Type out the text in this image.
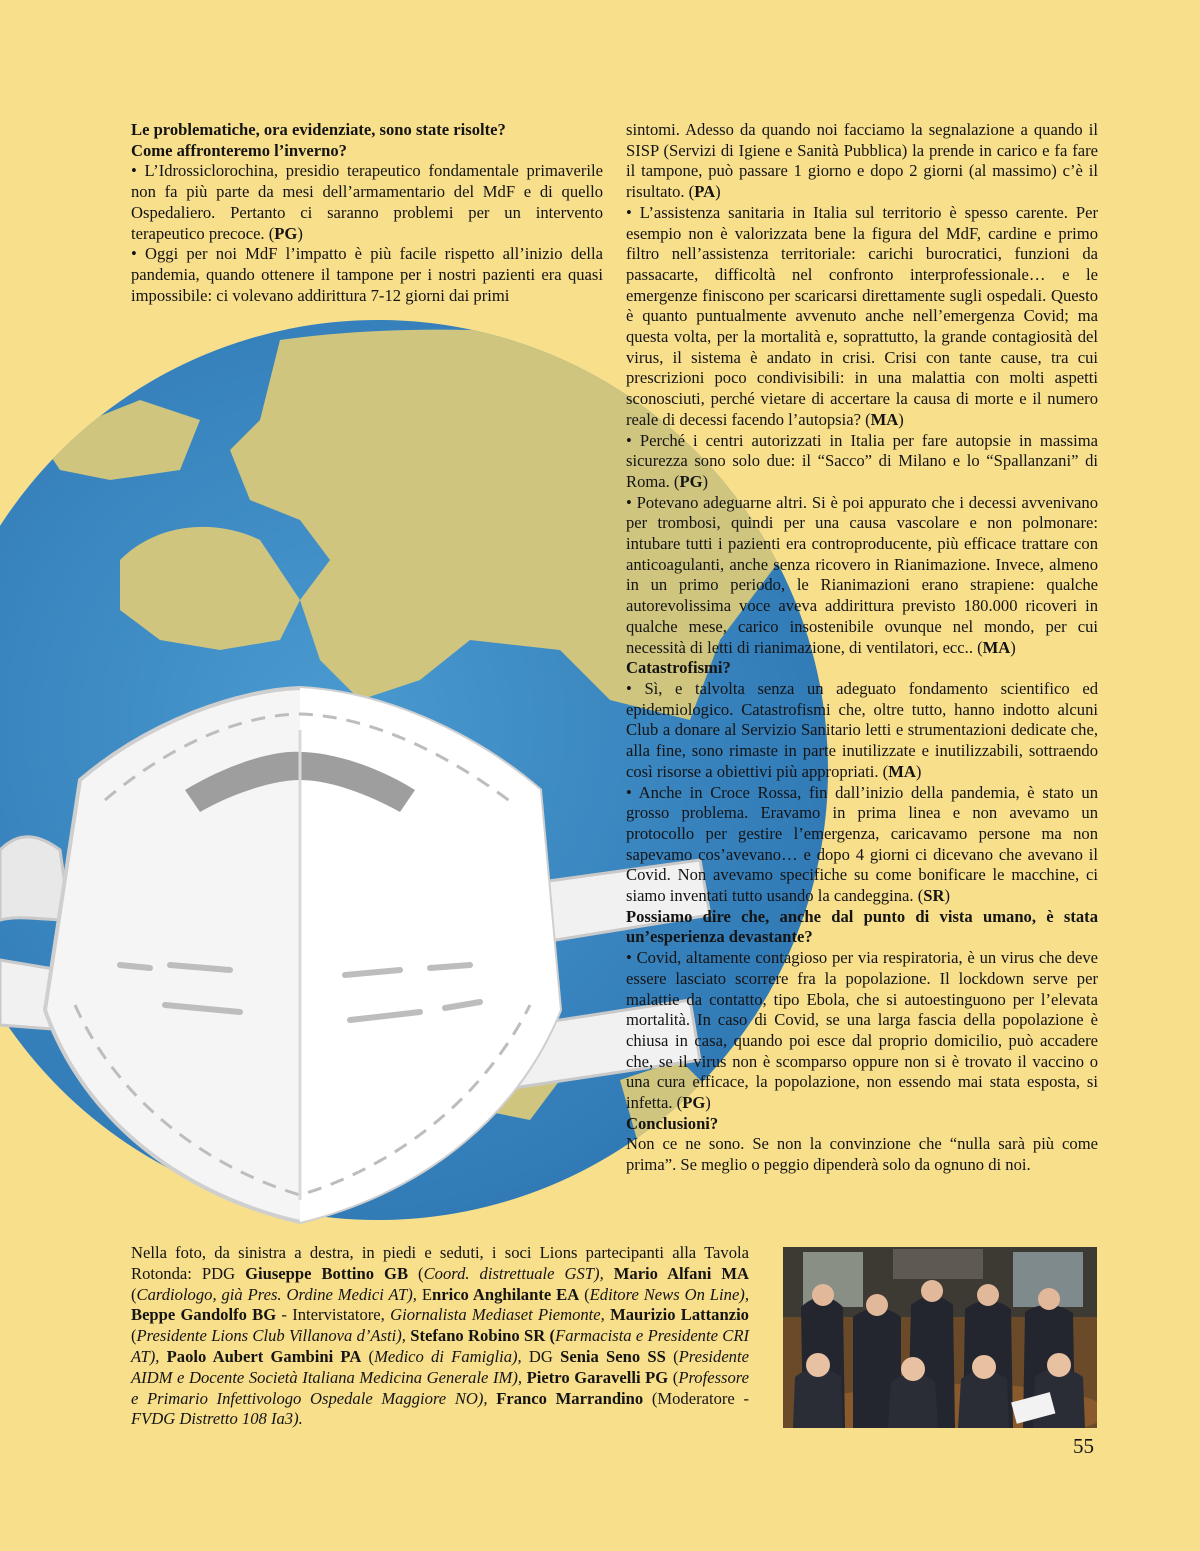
Le problematiche, ora evidenziate, sono state risolte?
Come affronteremo l’inverno?

• L’Idrossiclorochina, presidio terapeutico fondamentale primaverile non fa più parte da mesi dell’armamentario del MdF e di quello Ospedaliero. Pertanto ci saranno problemi per un intervento terapeutico precoce. (PG)

• Oggi per noi MdF l’impatto è più facile rispetto all’inizio della pandemia, quando ottenere il tampone per i nostri pazienti era quasi impossibile: ci volevano addirittura 7-12 giorni dai primi

sintomi. Adesso da quando noi facciamo la segnalazione a quando il SISP (Servizi di Igiene e Sanità Pubblica) la prende in carico e fa fare il tampone, può passare 1 giorno e dopo 2 giorni (al massimo) c’è il risultato. (PA)

• L’assistenza sanitaria in Italia sul territorio è spesso carente. Per esempio non è valorizzata bene la figura del MdF, cardine e primo filtro nell’assistenza territoriale: carichi burocratici, funzioni da passacarte, difficoltà nel confronto interprofessionale… e le emergenze finiscono per scaricarsi direttamente sugli ospedali. Questo è quanto puntualmente avvenuto anche nell’emergenza Covid; ma questa volta, per la mortalità e, soprattutto, la grande contagiosità del virus, il sistema è andato in crisi. Crisi con tante cause, tra cui prescrizioni poco condivisibili: in una malattia con molti aspetti sconosciuti, perché vietare di accertare la causa di morte e il numero reale di decessi facendo l’autopsia? (MA)

• Perché i centri autorizzati in Italia per fare autopsie in massima sicurezza sono solo due: il “Sacco” di Milano e lo “Spallanzani” di Roma. (PG)

• Potevano adeguarne altri. Si è poi appurato che i decessi avvenivano per trombosi, quindi per una causa vascolare e non polmonare: intubare tutti i pazienti era controproducente, più efficace trattare con anticoagulanti, anche senza ricovero in Rianimazione. Invece, almeno in un primo periodo, le Rianimazioni erano strapiene: qualche autorevolissima voce aveva addirittura previsto 180.000 ricoveri in qualche mese, carico insostenibile ovunque nel mondo, per cui necessità di letti di rianimazione, di ventilatori, ecc.. (MA)

Catastrofismi?

• Sì, e talvolta senza un adeguato fondamento scientifico ed epidemiologico. Catastrofismi che, oltre tutto, hanno indotto alcuni Club a donare al Servizio Sanitario letti e strumentazioni dedicate che, alla fine, sono rimaste in parte inutilizzate e inutilizzabili, sottraendo così risorse a obiettivi più appropriati. (MA)

• Anche in Croce Rossa, fin dall’inizio della pandemia, è stato un grosso problema. Eravamo in prima linea e non avevamo un protocollo per gestire l’emergenza, caricavamo persone ma non sapevamo cos’avevano… e dopo 4 giorni ci dicevano che avevano il Covid. Non avevamo specifiche su come bonificare le macchine, ci siamo inventati tutto usando la candeggina. (SR)

Possiamo dire che, anche dal punto di vista umano, è stata un’esperienza devastante?

• Covid, altamente contagioso per via respiratoria, è un virus che deve essere lasciato scorrere fra la popolazione. Il lockdown serve per malattie da contatto, tipo Ebola, che si autoestinguono per l’elevata mortalità. In caso di Covid, se una larga fascia della popolazione è chiusa in casa, quando poi esce dal proprio domicilio, può accadere che, se il virus non è scomparso oppure non si è trovato il vaccino o una cura efficace, la popolazione, non essendo mai stata esposta, si infetta. (PG)

Conclusioni?

Non ce ne sono. Se non la convinzione che “nulla sarà più come prima”. Se meglio o peggio dipenderà solo da ognuno di noi.

Nella foto, da sinistra a destra, in piedi e seduti, i soci Lions partecipanti alla Tavola Rotonda: PDG Giuseppe Bottino GB (Coord. distrettuale GST), Mario Alfani MA (Cardiologo, già Pres. Ordine Medici AT), Enrico Anghilante EA (Editore News On Line), Beppe Gandolfo BG - Intervistatore, Giornalista Mediaset Piemonte, Maurizio Lattanzio (Presidente Lions Club Villanova d’Asti), Stefano Robino SR (Farmacista e Presidente CRI AT), Paolo Aubert Gambini PA (Medico di Famiglia), DG Senia Seno SS (Presidente AIDM e Docente Società Italiana Medicina Generale IM), Pietro Garavelli PG (Professore e Primario Infettivologo Ospedale Maggiore NO), Franco Marrandino (Moderatore - FVDG Distretto 108 Ia3).

55
